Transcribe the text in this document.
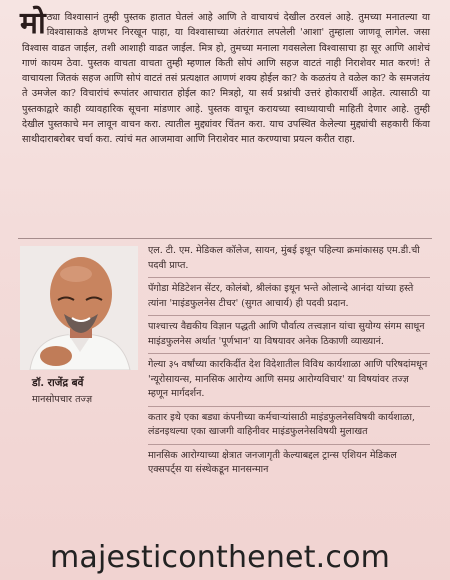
मोठ्या विश्वासानं तुम्ही पुस्तक हातात घेतलं आहे आणि ते वाचायचं देखील ठरवलं आहे. तुमच्या मनातल्या या विश्वासाकडे क्षणभर निरखून पाहा, या विश्वासाच्या अंतरंगात लपलेली 'आशा' तुम्हाला जाणवू लागेल. जसा विश्वास वाढत जाईल, तशी आशाही वाढत जाईल. मित्र हो, तुमच्या मनाला गवसलेला विश्वासाचा हा सूर आणि आशेचं गाणं कायम ठेवा. पुस्तक वाचता वाचता तुम्ही म्हणाल किती सोपं आणि सहज वाटतं नाही निराशेवर मात करणं! ते वाचायला जितकं सहज आणि सोपं वाटतं तसं प्रत्यक्षात आणणं शक्य होईल का? के कळतंय ते वळेल का? के समजतंय ते उमजेल का? विचारांचं रूपांतर आचारात होईल का? मित्रहो, या सर्व प्रश्नांची उत्तरं होकारार्थी आहेत. त्यासाठी या पुस्तकाद्वारे काही व्यावहारिक सूचना मांडणार आहे. पुस्तक वाचून करायच्या स्वाध्यायाची माहिती देणार आहे. तुम्ही देखील पुस्तकाचे मन लावून वाचन करा. त्यातील मुद्द्यांवर चिंतन करा. याच उपस्थित केलेल्या मुद्द्यांची सहकारी किंवा साथीदाराबरोबर चर्चा करा. त्यांचं मत आजमावा आणि निराशेवर मात करण्याचा प्रयत्न करीत राहा.

डॉ. राजेंद्र बर्वे
मानसोपचार तज्ज्ञ

एल. टी. एम. मेडिकल कॉलेज, सायन, मुंबई इथून पहिल्या क्रमांकासह एम.डी.ची पदवी प्राप्त.

पॅगोडा मेडिटेशन सेंटर, कोलंबो, श्रीलंका इथून भन्ते ओलान्दे आनंदा यांच्या हस्ते त्यांना 'माइंडफुलनेस टीचर' (सुगत आचार्य) ही पदवी प्रदान.

पाश्चात्त्य वैद्यकीय विज्ञान पद्धती आणि पौर्वात्य तत्त्वज्ञान यांचा सुयोग्य संगम साधून माइंडफुलनेस अर्थात 'पूर्णभान' या विषयावर अनेक ठिकाणी व्याख्यानं.

गेल्या ३५ वर्षांच्या कारकिर्दीत देश विदेशातील विविध कार्यशाळा आणि परिषदांमधून 'न्यूरोसायन्स, मानसिक आरोग्य आणि समग्र आरोग्यविचार' या विषयांवर तज्ज्ञ म्हणून मार्गदर्शन.

कतार इथे एका बड्या कंपनीच्या कर्मचाऱ्यांसाठी माइंडफुलनेसविषयी कार्यशाळा, लंडनइथल्या एका खाजगी वाहिनीवर माइंडफुलनेसविषयी मुलाखत

मानसिक आरोग्याच्या क्षेत्रात जनजागृती केल्याबद्दल ट्रान्स एशियन मेडिकल एक्सपर्ट्स या संस्थेकडून मानसन्मान

majesticonthenet.com
